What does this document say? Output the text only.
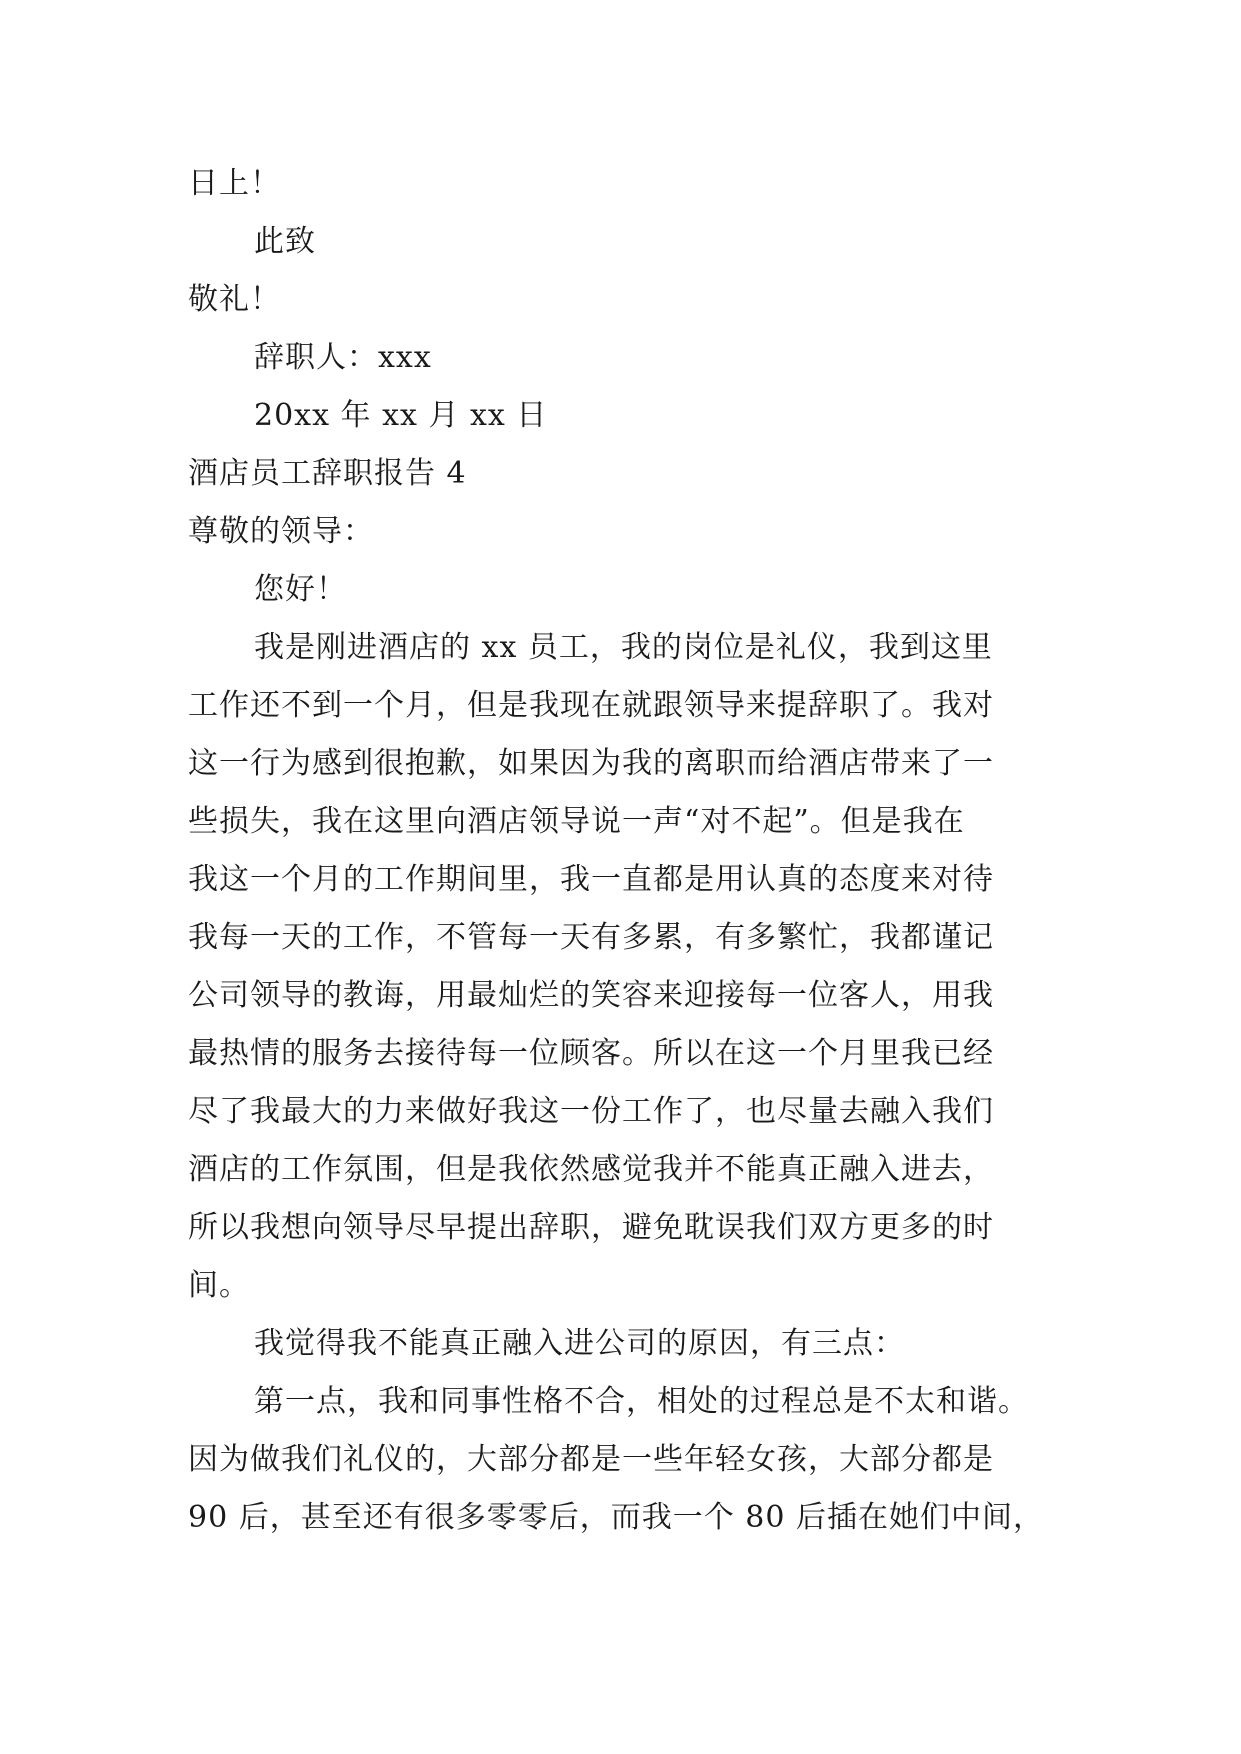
日上！
此致
敬礼！
辞职人：xxx
20xx 年 xx 月 xx 日
酒店员工辞职报告 4
尊敬的领导：
您好！
我是刚进酒店的 xx 员工，我的岗位是礼仪，我到这里
工作还不到一个月，但是我现在就跟领导来提辞职了。我对
这一行为感到很抱歉，如果因为我的离职而给酒店带来了一
些损失，我在这里向酒店领导说一声“对不起”。但是我在
我这一个月的工作期间里，我一直都是用认真的态度来对待
我每一天的工作，不管每一天有多累，有多繁忙，我都谨记
公司领导的教诲，用最灿烂的笑容来迎接每一位客人，用我
最热情的服务去接待每一位顾客。所以在这一个月里我已经
尽了我最大的力来做好我这一份工作了，也尽量去融入我们
酒店的工作氛围，但是我依然感觉我并不能真正融入进去，
所以我想向领导尽早提出辞职，避免耽误我们双方更多的时
间。
我觉得我不能真正融入进公司的原因，有三点：
第一点，我和同事性格不合，相处的过程总是不太和谐。
因为做我们礼仪的，大部分都是一些年轻女孩，大部分都是
90 后，甚至还有很多零零后，而我一个 80 后插在她们中间，
